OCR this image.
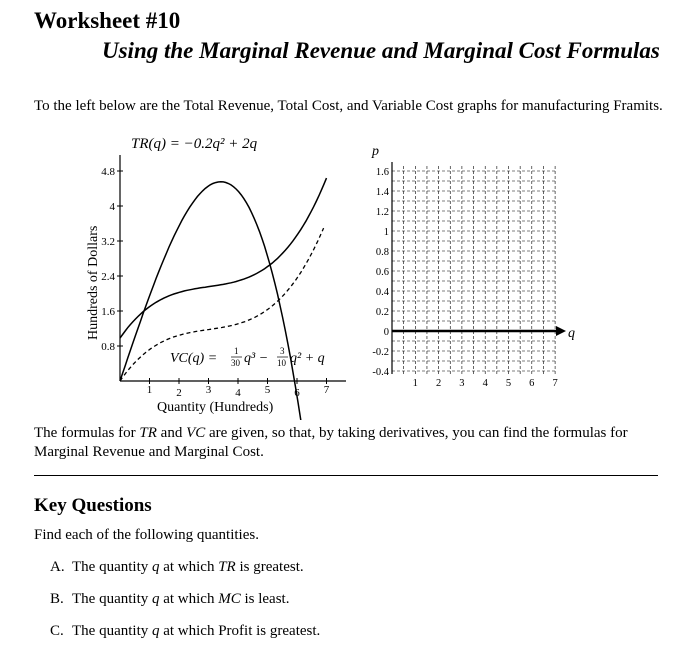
Worksheet #10
Using the Marginal Revenue and Marginal Cost Formulas

To the left below are the Total Revenue, Total Cost, and Variable Cost graphs for manufacturing Framits.

TR(q) = −0.2q² + 2q
Hundreds of Dollars
Quantity (Hundreds)
4.8
4
3.2
2.4
1.6
0.8
1 2 3 4 5 6 7
VC(q) = 1
30 q³ − 3
10 q² + q
p
q
1.6
1.4
1.2
1
0.8
0.6
0.4
0.2
0
-0.2
-0.4
1 2 3 4 5 6 7

The formulas for TR and VC are given, so that, by taking derivatives, you can find the formulas for Marginal Revenue and Marginal Cost.

Key Questions

Find each of the following quantities.

A. The quantity q at which TR is greatest.

B. The quantity q at which MC is least.

C. The quantity q at which Profit is greatest.
